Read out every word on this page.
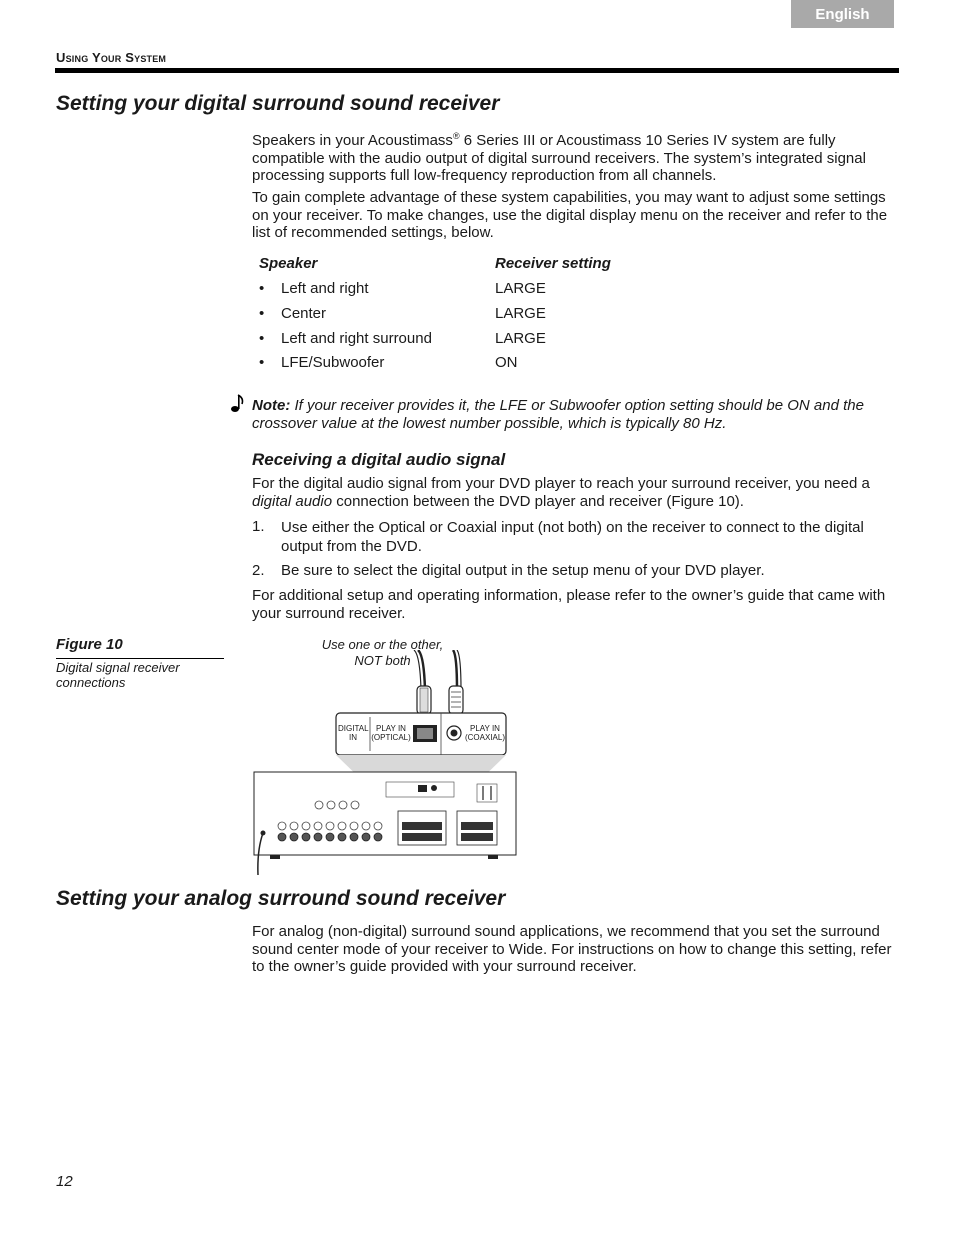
English
Using Your System
Setting your digital surround sound receiver

Speakers in your Acoustimass® 6 Series III or Acoustimass 10 Series IV system are fully compatible with the audio output of digital surround receivers. The system’s integrated signal processing supports full low-frequency reproduction from all channels.

To gain complete advantage of these system capabilities, you may want to adjust some settings on your receiver. To make changes, use the digital display menu on the receiver and refer to the list of recommended settings, below.

Speaker	Receiver setting
• Left and right	LARGE
• Center	LARGE
• Left and right surround	LARGE
• LFE/Subwoofer	ON
Note: If your receiver provides it, the LFE or Subwoofer option setting should be ON and the crossover value at the lowest number possible, which is typically 80 Hz.
Receiving a digital audio signal

For the digital audio signal from your DVD player to reach your surround receiver, you need a digital audio connection between the DVD player and receiver (Figure 10).

1. Use either the Optical or Coaxial input (not both) on the receiver to connect to the digital output from the DVD.
2. Be sure to select the digital output in the setup menu of your DVD player.

For additional setup and operating information, please refer to the owner’s guide that came with your surround receiver.

Figure 10
Digital signal receiver connections
Use one or the other,
NOT both
DIGITAL IN
PLAY IN (OPTICAL)
PLAY IN (COAXIAL)
Setting your analog surround sound receiver

For analog (non-digital) surround sound applications, we recommend that you set the surround sound center mode of your receiver to Wide. For instructions on how to change this setting, refer to the owner’s guide provided with your surround receiver.

12
